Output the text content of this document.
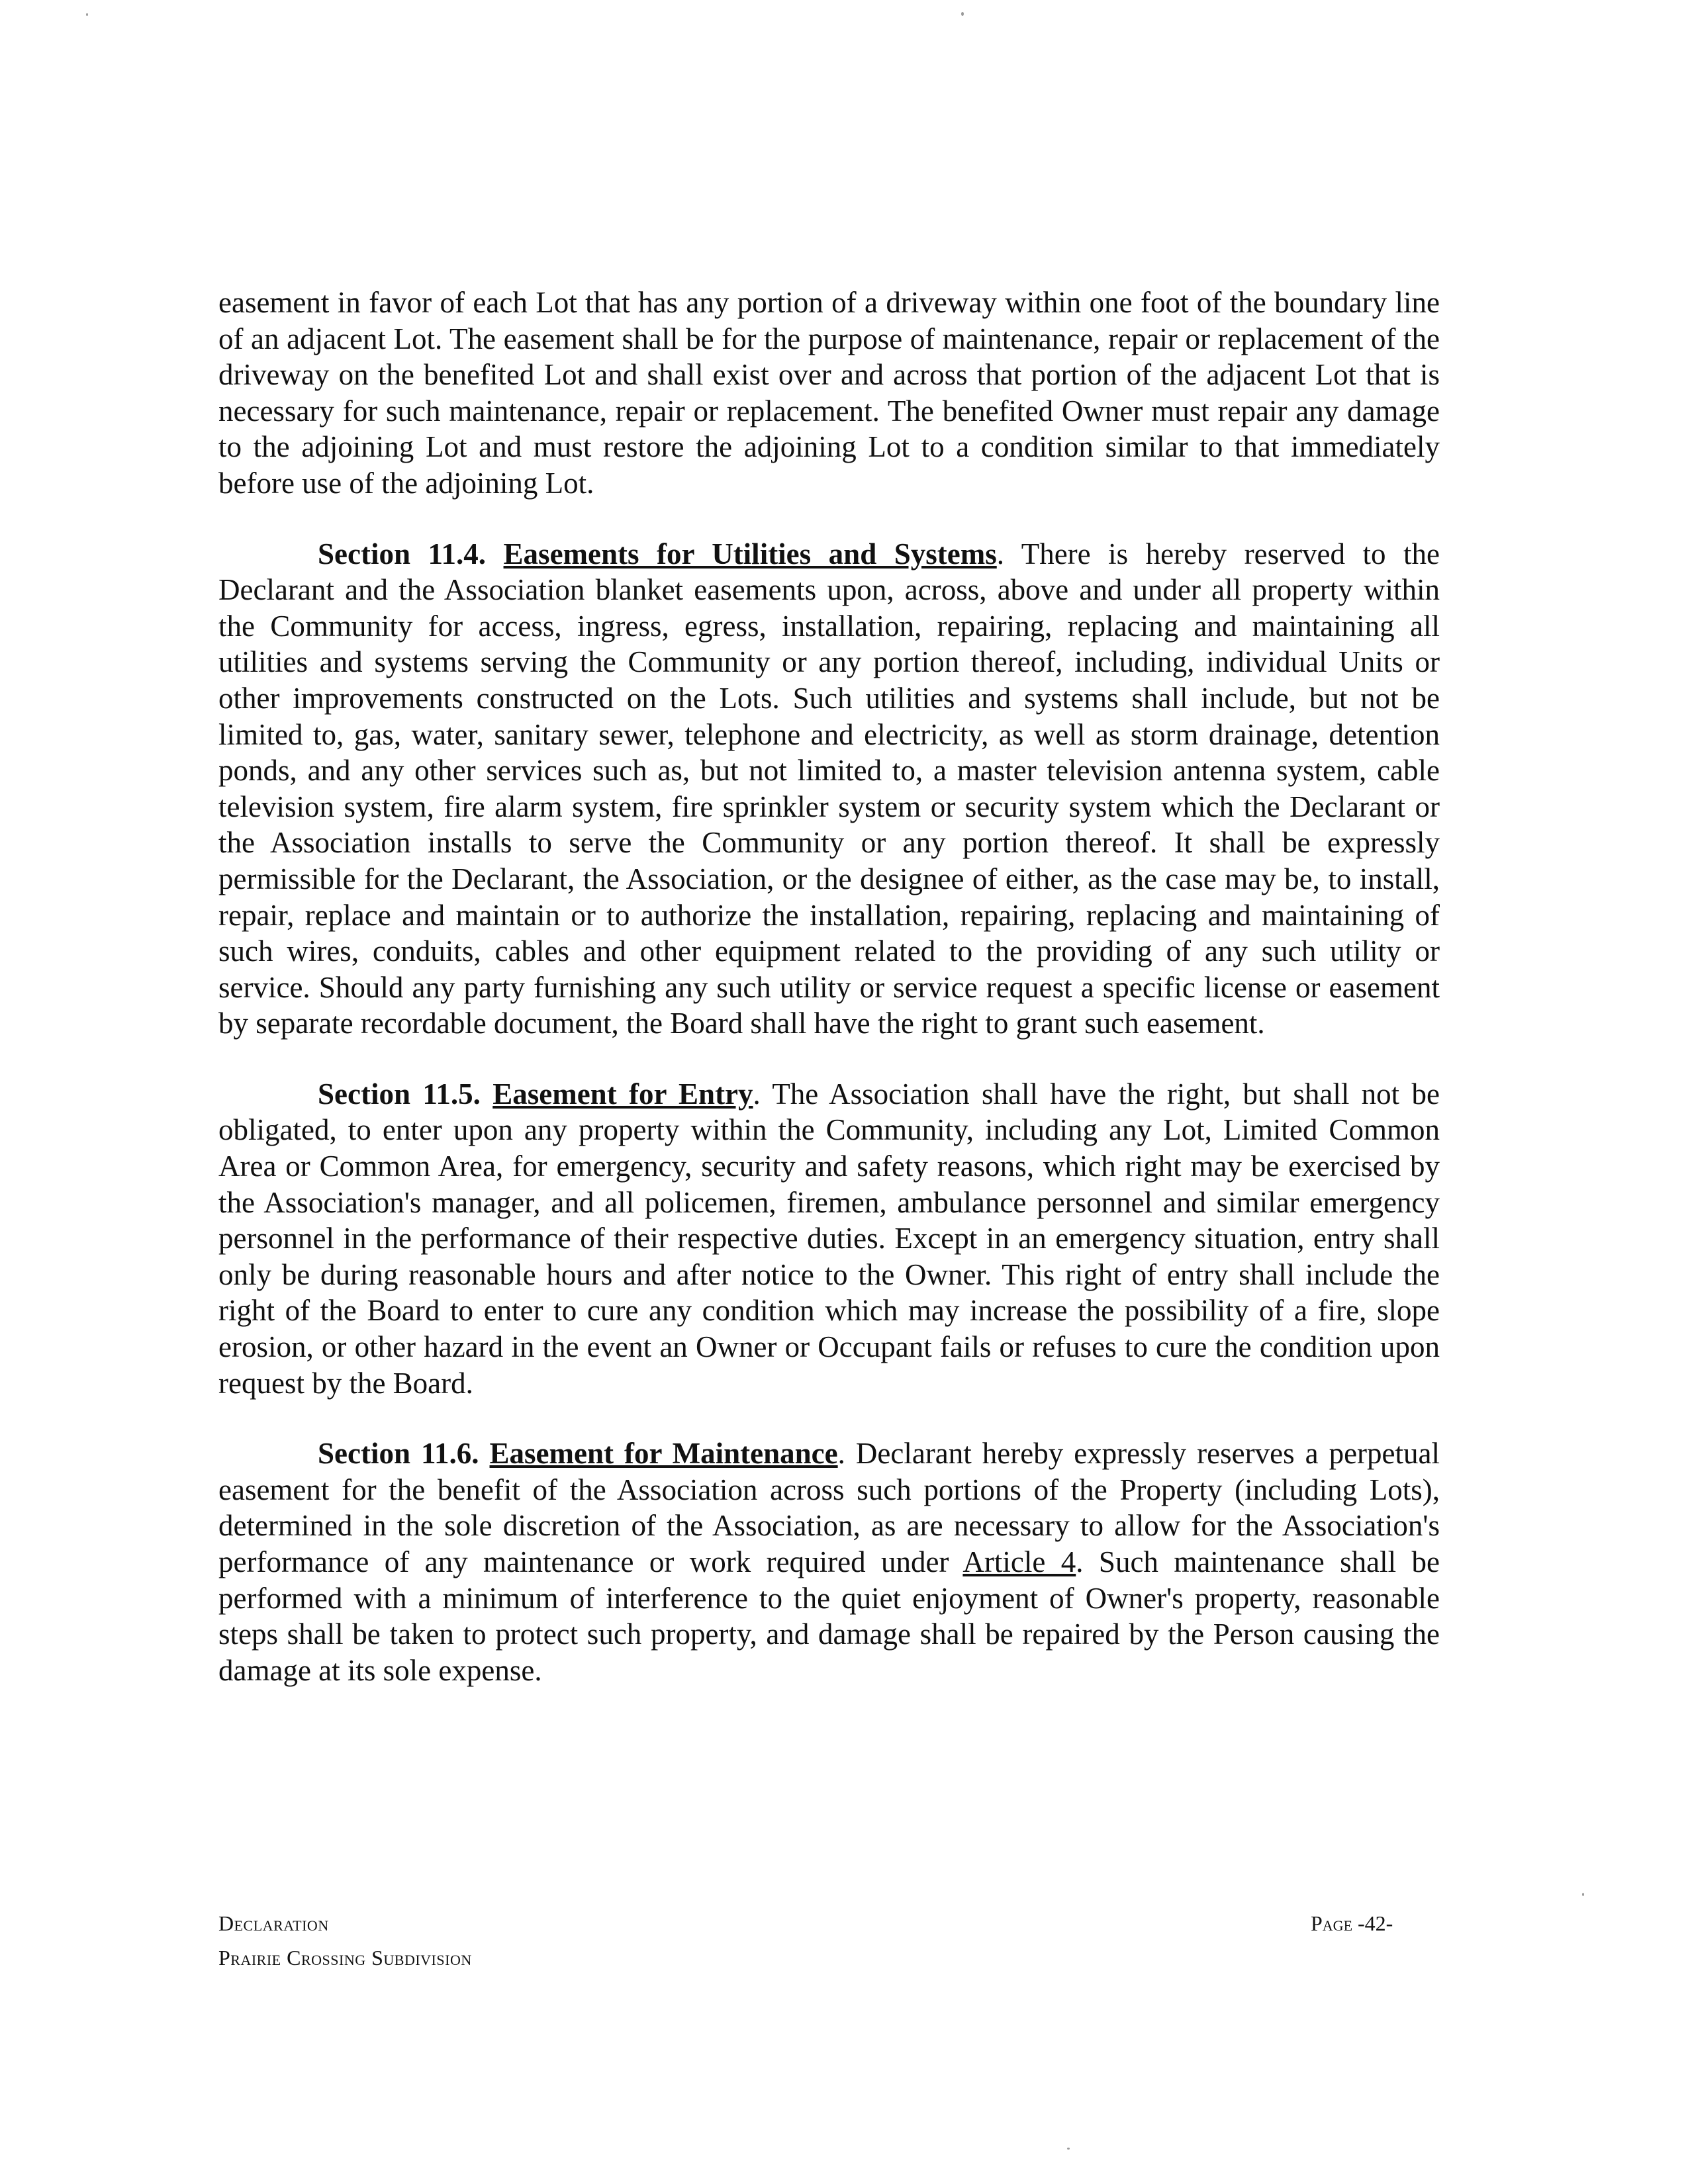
easement in favor of each Lot that has any portion of a driveway within one foot of the boundary line of an adjacent Lot. The easement shall be for the purpose of maintenance, repair or replacement of the driveway on the benefited Lot and shall exist over and across that portion of the adjacent Lot that is necessary for such maintenance, repair or replacement. The benefited Owner must repair any damage to the adjoining Lot and must restore the adjoining Lot to a condition similar to that immediately before use of the adjoining Lot.

Section 11.4. Easements for Utilities and Systems. There is hereby reserved to the Declarant and the Association blanket easements upon, across, above and under all property within the Community for access, ingress, egress, installation, repairing, replacing and maintaining all utilities and systems serving the Community or any portion thereof, including, individual Units or other improvements constructed on the Lots. Such utilities and systems shall include, but not be limited to, gas, water, sanitary sewer, telephone and electricity, as well as storm drainage, detention ponds, and any other services such as, but not limited to, a master television antenna system, cable television system, fire alarm system, fire sprinkler system or security system which the Declarant or the Association installs to serve the Community or any portion thereof. It shall be expressly permissible for the Declarant, the Association, or the designee of either, as the case may be, to install, repair, replace and maintain or to authorize the installation, repairing, replacing and maintaining of such wires, conduits, cables and other equipment related to the providing of any such utility or service. Should any party furnishing any such utility or service request a specific license or easement by separate recordable document, the Board shall have the right to grant such easement.

Section 11.5. Easement for Entry. The Association shall have the right, but shall not be obligated, to enter upon any property within the Community, including any Lot, Limited Common Area or Common Area, for emergency, security and safety reasons, which right may be exercised by the Association's manager, and all policemen, firemen, ambulance personnel and similar emergency personnel in the performance of their respective duties. Except in an emergency situation, entry shall only be during reasonable hours and after notice to the Owner. This right of entry shall include the right of the Board to enter to cure any condition which may increase the possibility of a fire, slope erosion, or other hazard in the event an Owner or Occupant fails or refuses to cure the condition upon request by the Board.

Section 11.6. Easement for Maintenance. Declarant hereby expressly reserves a perpetual easement for the benefit of the Association across such portions of the Property (including Lots), determined in the sole discretion of the Association, as are necessary to allow for the Association's performance of any maintenance or work required under Article 4. Such maintenance shall be performed with a minimum of interference to the quiet enjoyment of Owner's property, reasonable steps shall be taken to protect such property, and damage shall be repaired by the Person causing the damage at its sole expense.

Declaration
Prairie Crossing Subdivision
Page -42-
